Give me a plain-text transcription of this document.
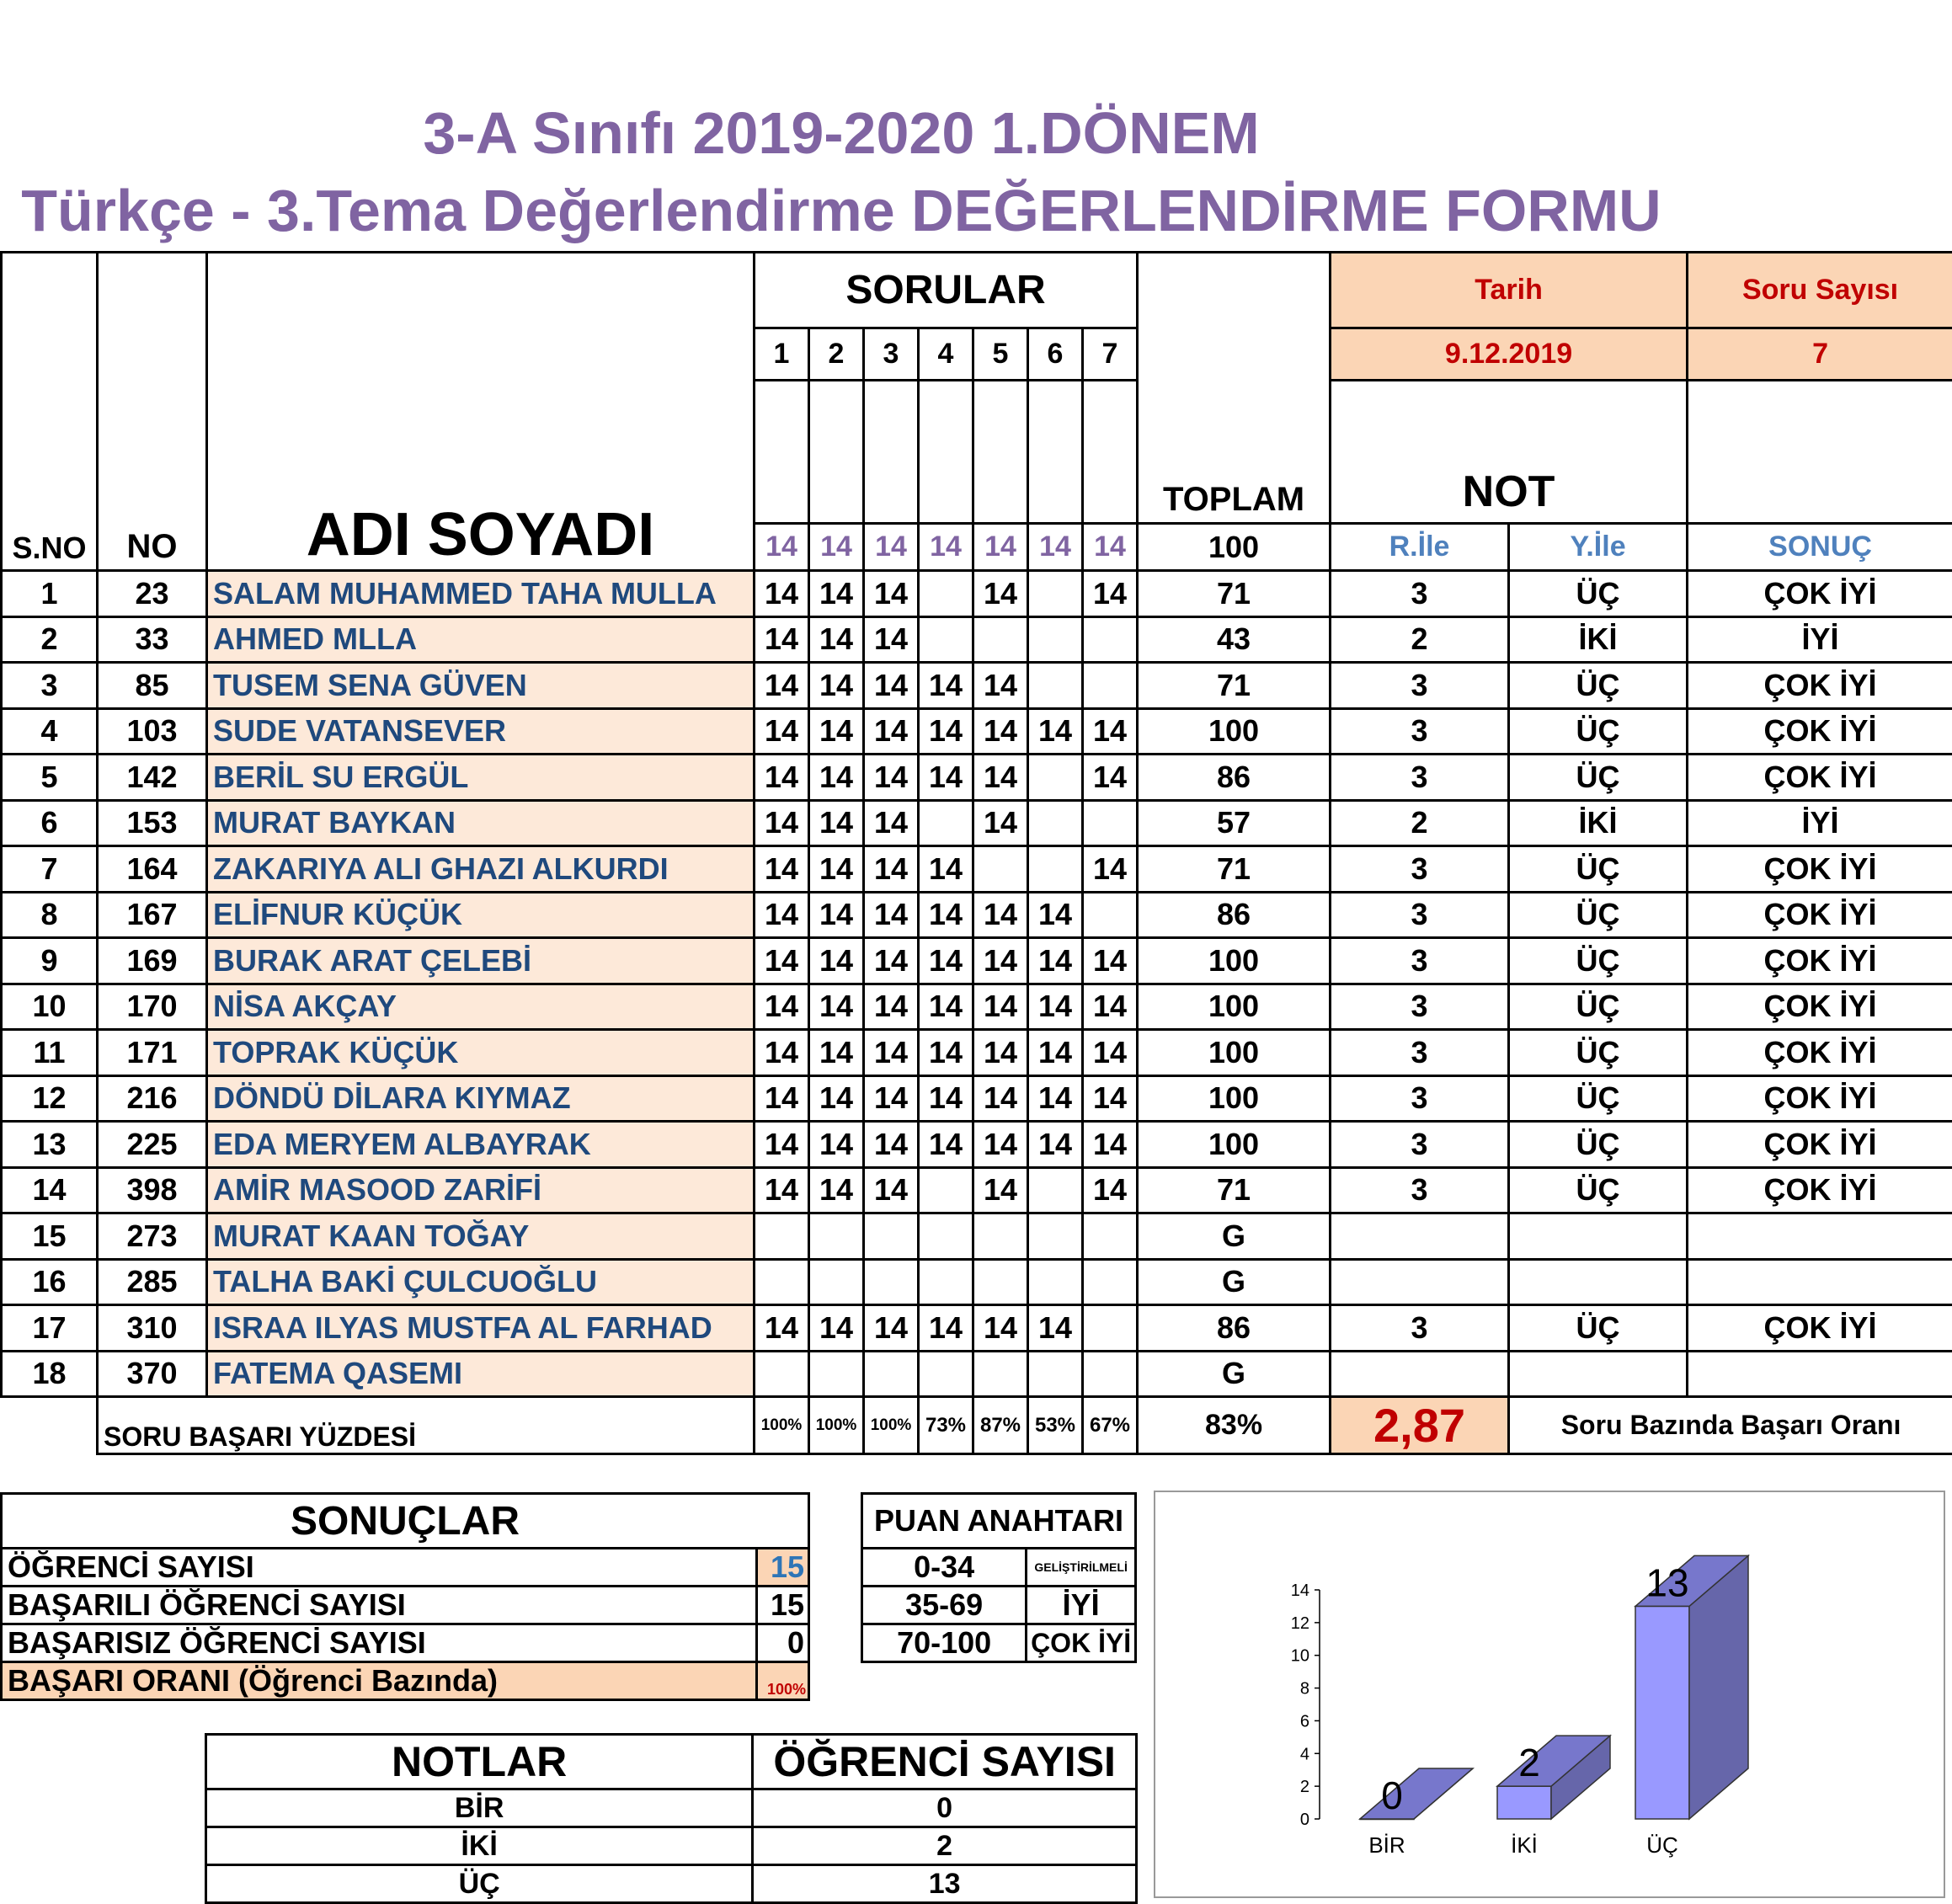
3-A Sınıfı 2019-2020 1.DÖNEM
Türkçe - 3.Tema Değerlendirme DEĞERLENDİRME FORMU
S.NO	NO	ADI SOYADI	SORULAR							TOPLAM	Tarih		Soru Sayısı
			1	2	3	4	5	6	7		9.12.2019		7
											NOT		
			14	14	14	14	14	14	14	100	R.İle	Y.İle	SONUÇ
1	23	SALAM MUHAMMED TAHA MULLA	14	14	14		14		14	71	3	ÜÇ	ÇOK İYİ
2	33	AHMED MLLA	14	14	14					43	2	İKİ	İYİ
3	85	TUSEM SENA GÜVEN	14	14	14	14	14			71	3	ÜÇ	ÇOK İYİ
4	103	SUDE VATANSEVER	14	14	14	14	14	14	14	100	3	ÜÇ	ÇOK İYİ
5	142	BERİL SU ERGÜL	14	14	14	14	14		14	86	3	ÜÇ	ÇOK İYİ
6	153	MURAT BAYKAN	14	14	14		14			57	2	İKİ	İYİ
7	164	ZAKARIYA ALI GHAZI ALKURDI	14	14	14	14			14	71	3	ÜÇ	ÇOK İYİ
8	167	ELİFNUR KÜÇÜK	14	14	14	14	14	14		86	3	ÜÇ	ÇOK İYİ
9	169	BURAK ARAT ÇELEBİ	14	14	14	14	14	14	14	100	3	ÜÇ	ÇOK İYİ
10	170	NİSA AKÇAY	14	14	14	14	14	14	14	100	3	ÜÇ	ÇOK İYİ
11	171	TOPRAK KÜÇÜK	14	14	14	14	14	14	14	100	3	ÜÇ	ÇOK İYİ
12	216	DÖNDÜ DİLARA KIYMAZ	14	14	14	14	14	14	14	100	3	ÜÇ	ÇOK İYİ
13	225	EDA MERYEM ALBAYRAK	14	14	14	14	14	14	14	100	3	ÜÇ	ÇOK İYİ
14	398	AMİR MASOOD ZARİFİ	14	14	14		14		14	71	3	ÜÇ	ÇOK İYİ
15	273	MURAT KAAN TOĞAY								G			
16	285	TALHA BAKİ ÇULCUOĞLU								G			
17	310	ISRAA ILYAS MUSTFA AL FARHAD	14	14	14	14	14	14		86	3	ÜÇ	ÇOK İYİ
18	370	FATEMA QASEMI								G			
	SORU BAŞARI YÜZDESİ		100%	100%	100%	73%	87%	53%	67%	83%	2,87	Soru Bazında Başarı Oranı	
SONUÇLAR	
ÖĞRENCİ SAYISI	15
BAŞARILI ÖĞRENCİ SAYISI	15
BAŞARISIZ ÖĞRENCİ SAYISI	0
BAŞARI ORANI (Öğrenci Bazında)	100%
PUAN ANAHTARI	
0-34	GELİŞTİRİLMELİ
35-69	İYİ
70-100	ÇOK İYİ
NOTLAR	ÖĞRENCİ SAYISI
BİR	0
İKİ	2
ÜÇ	13
0
2
4
6
8
10
12
14
0
BİR
2
İKİ
13
ÜÇ
